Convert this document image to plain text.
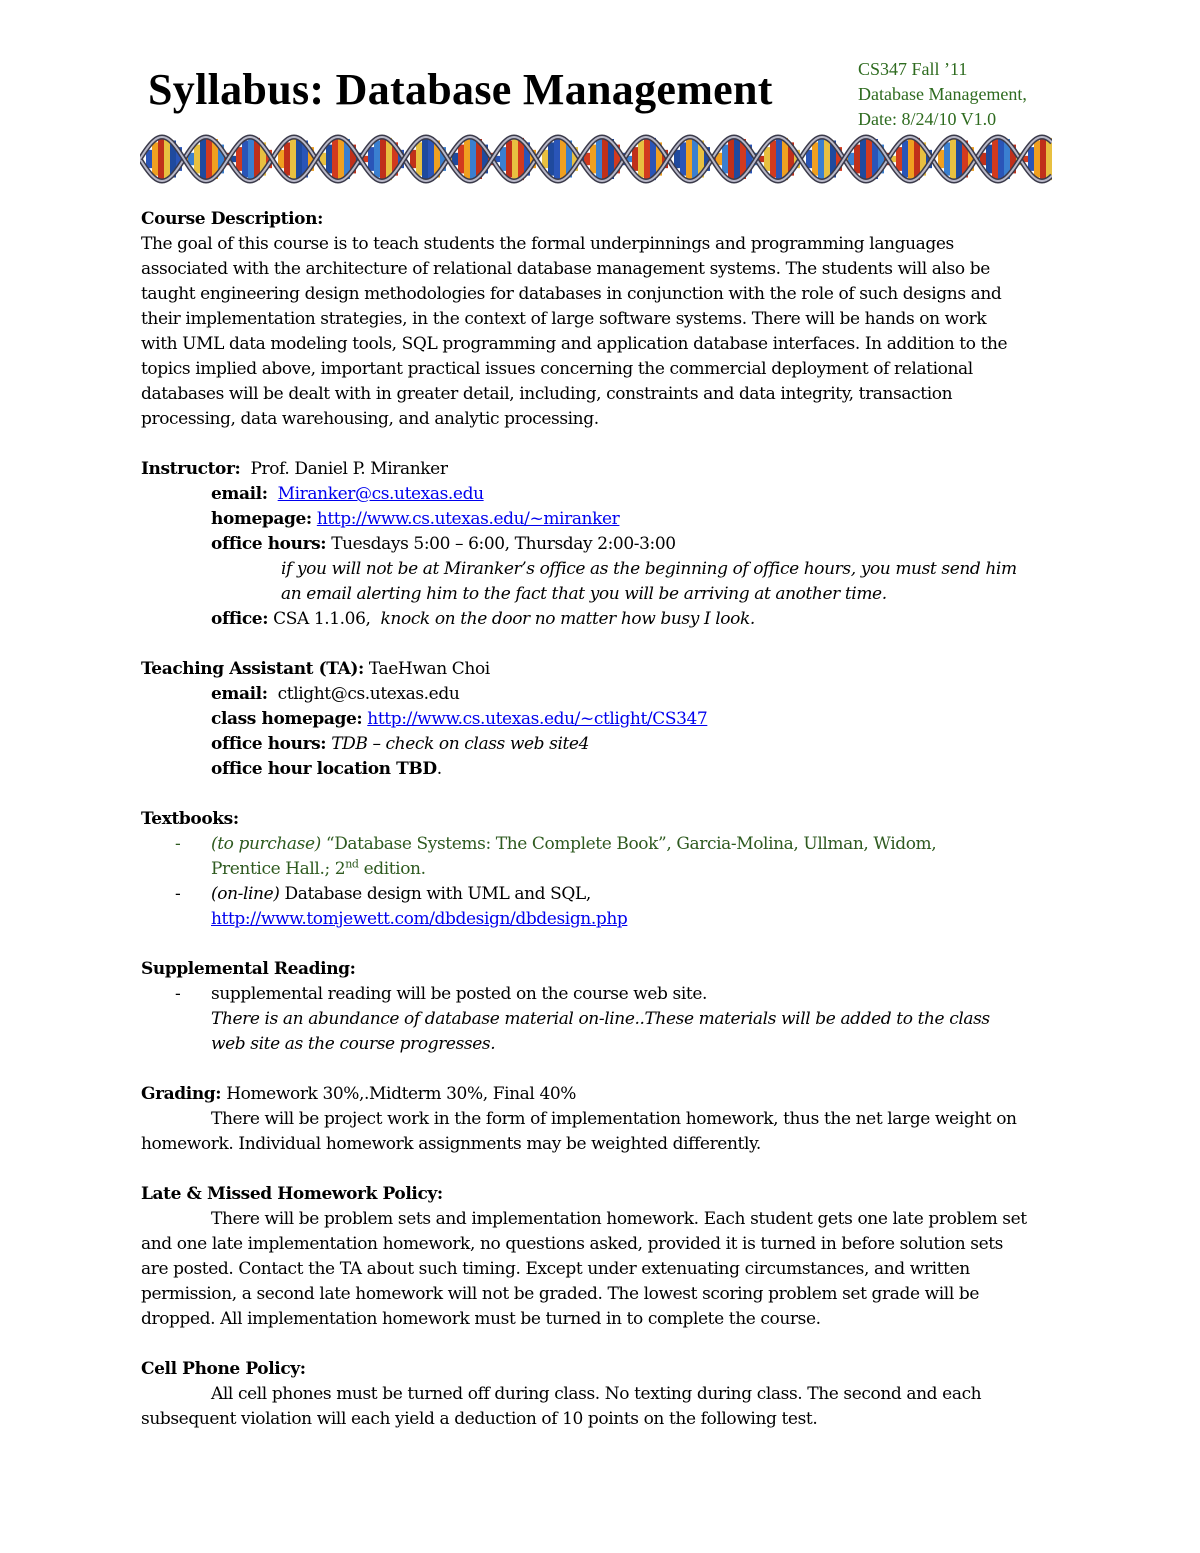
Syllabus: Database Management	CS347 Fall ’11
Database Management,
Date: 8/24/10 V1.0
Course Description:
The goal of this course is to teach students the formal underpinnings and programming languages
associated with the architecture of relational database management systems. The students will also be
taught engineering design methodologies for databases in conjunction with the role of such designs and
their implementation strategies, in the context of large software systems. There will be hands on work
with UML data modeling tools, SQL programming and application database interfaces. In addition to the
topics implied above, important practical issues concerning the commercial deployment of relational
databases will be dealt with in greater detail, including, constraints and data integrity, transaction
processing, data warehousing, and analytic processing.
Instructor: Prof. Daniel P. Miranker
email: Miranker@cs.utexas.edu
homepage: http://www.cs.utexas.edu/~miranker
office hours: Tuesdays 5:00 – 6:00, Thursday 2:00-3:00
if you will not be at Miranker’s office as the beginning of office hours, you must send him
an email alerting him to the fact that you will be arriving at another time.
office: CSA 1.1.06, knock on the door no matter how busy I look.
Teaching Assistant (TA): TaeHwan Choi
email: ctlight@cs.utexas.edu
class homepage: http://www.cs.utexas.edu/~ctlight/CS347
office hours: TDB – check on class web site4
office hour location TBD.
Textbooks:
- (to purchase) “Database Systems: The Complete Book”, Garcia-Molina, Ullman, Widom,
Prentice Hall.; 2nd edition.
- (on-line) Database design with UML and SQL,
http://www.tomjewett.com/dbdesign/dbdesign.php
Supplemental Reading:
- supplemental reading will be posted on the course web site.
There is an abundance of database material on-line..These materials will be added to the class
web site as the course progresses.
Grading: Homework 30%,.Midterm 30%, Final 40%
There will be project work in the form of implementation homework, thus the net large weight on
homework. Individual homework assignments may be weighted differently.
Late & Missed Homework Policy:
There will be problem sets and implementation homework. Each student gets one late problem set
and one late implementation homework, no questions asked, provided it is turned in before solution sets
are posted. Contact the TA about such timing. Except under extenuating circumstances, and written
permission, a second late homework will not be graded. The lowest scoring problem set grade will be
dropped. All implementation homework must be turned in to complete the course.
Cell Phone Policy:
All cell phones must be turned off during class. No texting during class. The second and each
subsequent violation will each yield a deduction of 10 points on the following test.
